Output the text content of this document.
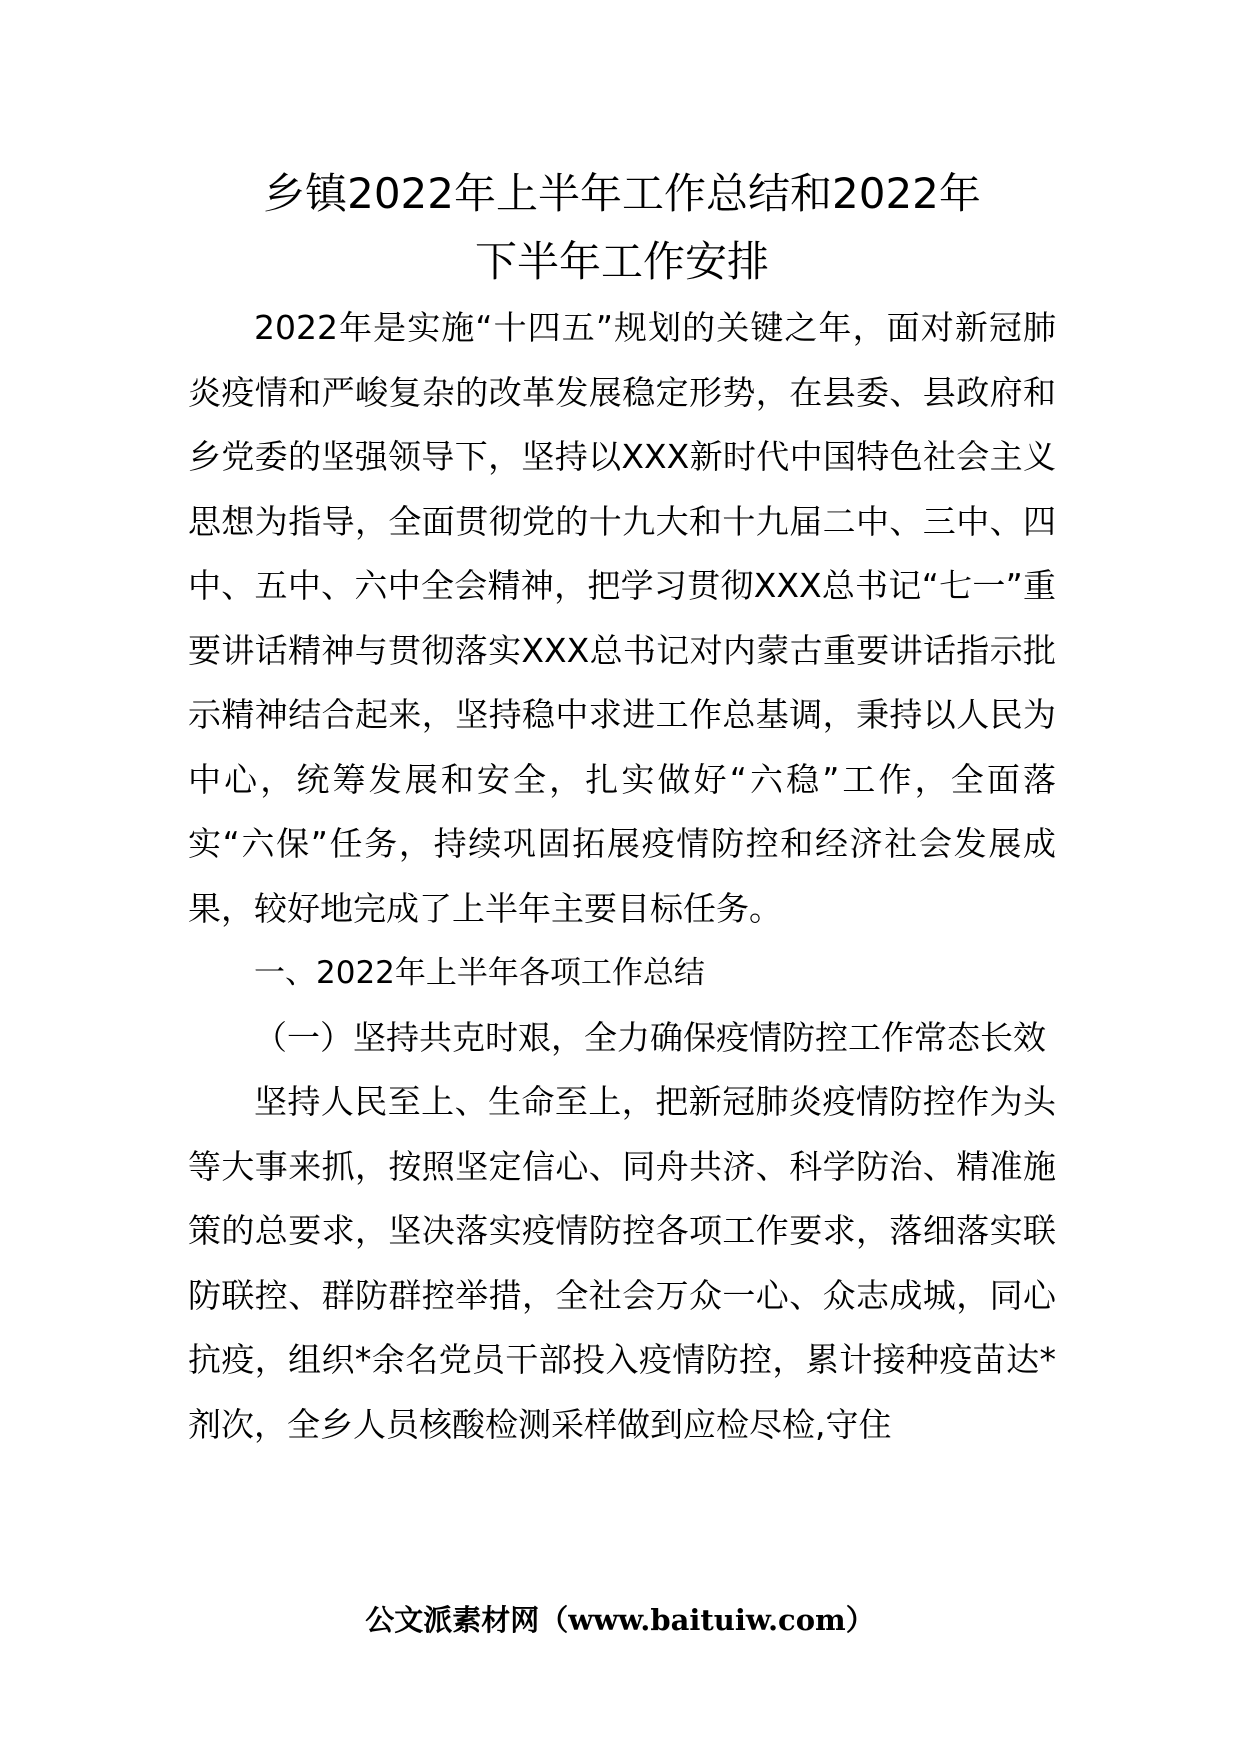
乡镇2022年上半年工作总结和2022年
下半年工作安排

2022年是实施“十四五”规划的关键之年，面对新冠肺炎疫情和严峻复杂的改革发展稳定形势，在县委、县政府和乡党委的坚强领导下，坚持以XXX新时代中国特色社会主义思想为指导，全面贯彻党的十九大和十九届二中、三中、四中、五中、六中全会精神，把学习贯彻XXX总书记“七一”重要讲话精神与贯彻落实XXX总书记对内蒙古重要讲话指示批示精神结合起来，坚持稳中求进工作总基调，秉持以人民为中心，统筹发展和安全，扎实做好“六稳”工作，全面落实“六保”任务，持续巩固拓展疫情防控和经济社会发展成果，较好地完成了上半年主要目标任务。

一、2022年上半年各项工作总结

（一）坚持共克时艰，全力确保疫情防控工作常态长效

坚持人民至上、生命至上，把新冠肺炎疫情防控作为头等大事来抓，按照坚定信心、同舟共济、科学防治、精准施策的总要求，坚决落实疫情防控各项工作要求，落细落实联防联控、群防群控举措，全社会万众一心、众志成城，同心抗疫，组织*余名党员干部投入疫情防控，累计接种疫苗达*剂次，全乡人员核酸检测采样做到应检尽检,守住

公文派素材网（www.baituiw.com）
